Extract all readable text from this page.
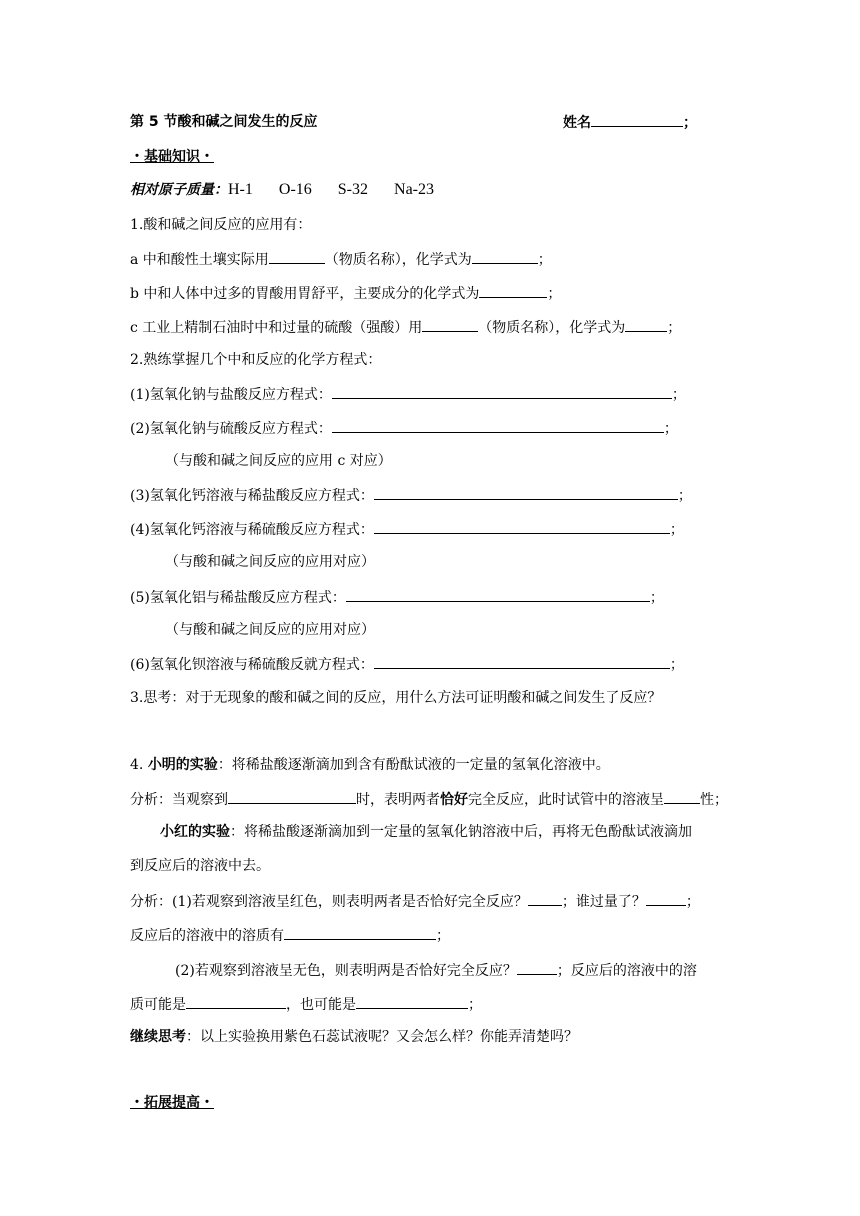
第 5 节酸和碱之间发生的反应	姓名	；
・基础知识・
相对原子质量：H-1 O-16 S-32 Na-23
1.酸和碱之间反应的应用有：
a 中和酸性土壤实际用	（物质名称），化学式为	；
b 中和人体中过多的胃酸用胃舒平，主要成分的化学式为	；
c 工业上精制石油时中和过量的硫酸（强酸）用	（物质名称），化学式为	；
2.熟练掌握几个中和反应的化学方程式：
(1)氢氧化钠与盐酸反应方程式：	；
(2)氢氧化钠与硫酸反应方程式：	；
（与酸和碱之间反应的应用 c 对应）
(3)氢氧化钙溶液与稀盐酸反应方程式：	；
(4)氢氧化钙溶液与稀硫酸反应方程式：	；
（与酸和碱之间反应的应用对应）
(5)氢氧化铝与稀盐酸反应方程式：	；
（与酸和碱之间反应的应用对应）
(6)氢氧化钡溶液与稀硫酸反就方程式：	；
3.思考：对于无现象的酸和碱之间的反应，用什么方法可证明酸和碱之间发生了反应？
4. 小明的实验：将稀盐酸逐渐滴加到含有酚酞试液的一定量的氢氧化溶液中。
分析：当观察到	时，表明两者恰好完全反应，此时试管中的溶液呈	性；
小红的实验：将稀盐酸逐渐滴加到一定量的氢氧化钠溶液中后，再将无色酚酞试液滴加
到反应后的溶液中去。
分析：(1)若观察到溶液呈红色，则表明两者是否恰好完全反应？ ；谁过量了？	；
反应后的溶液中的溶质有	；
(2)若观察到溶液呈无色，则表明两是否恰好完全反应？	；反应后的溶液中的溶
质可能是	，也可能是	；
继续思考：以上实验换用紫色石蕊试液呢？又会怎么样？你能弄清楚吗？
・拓展提高・
